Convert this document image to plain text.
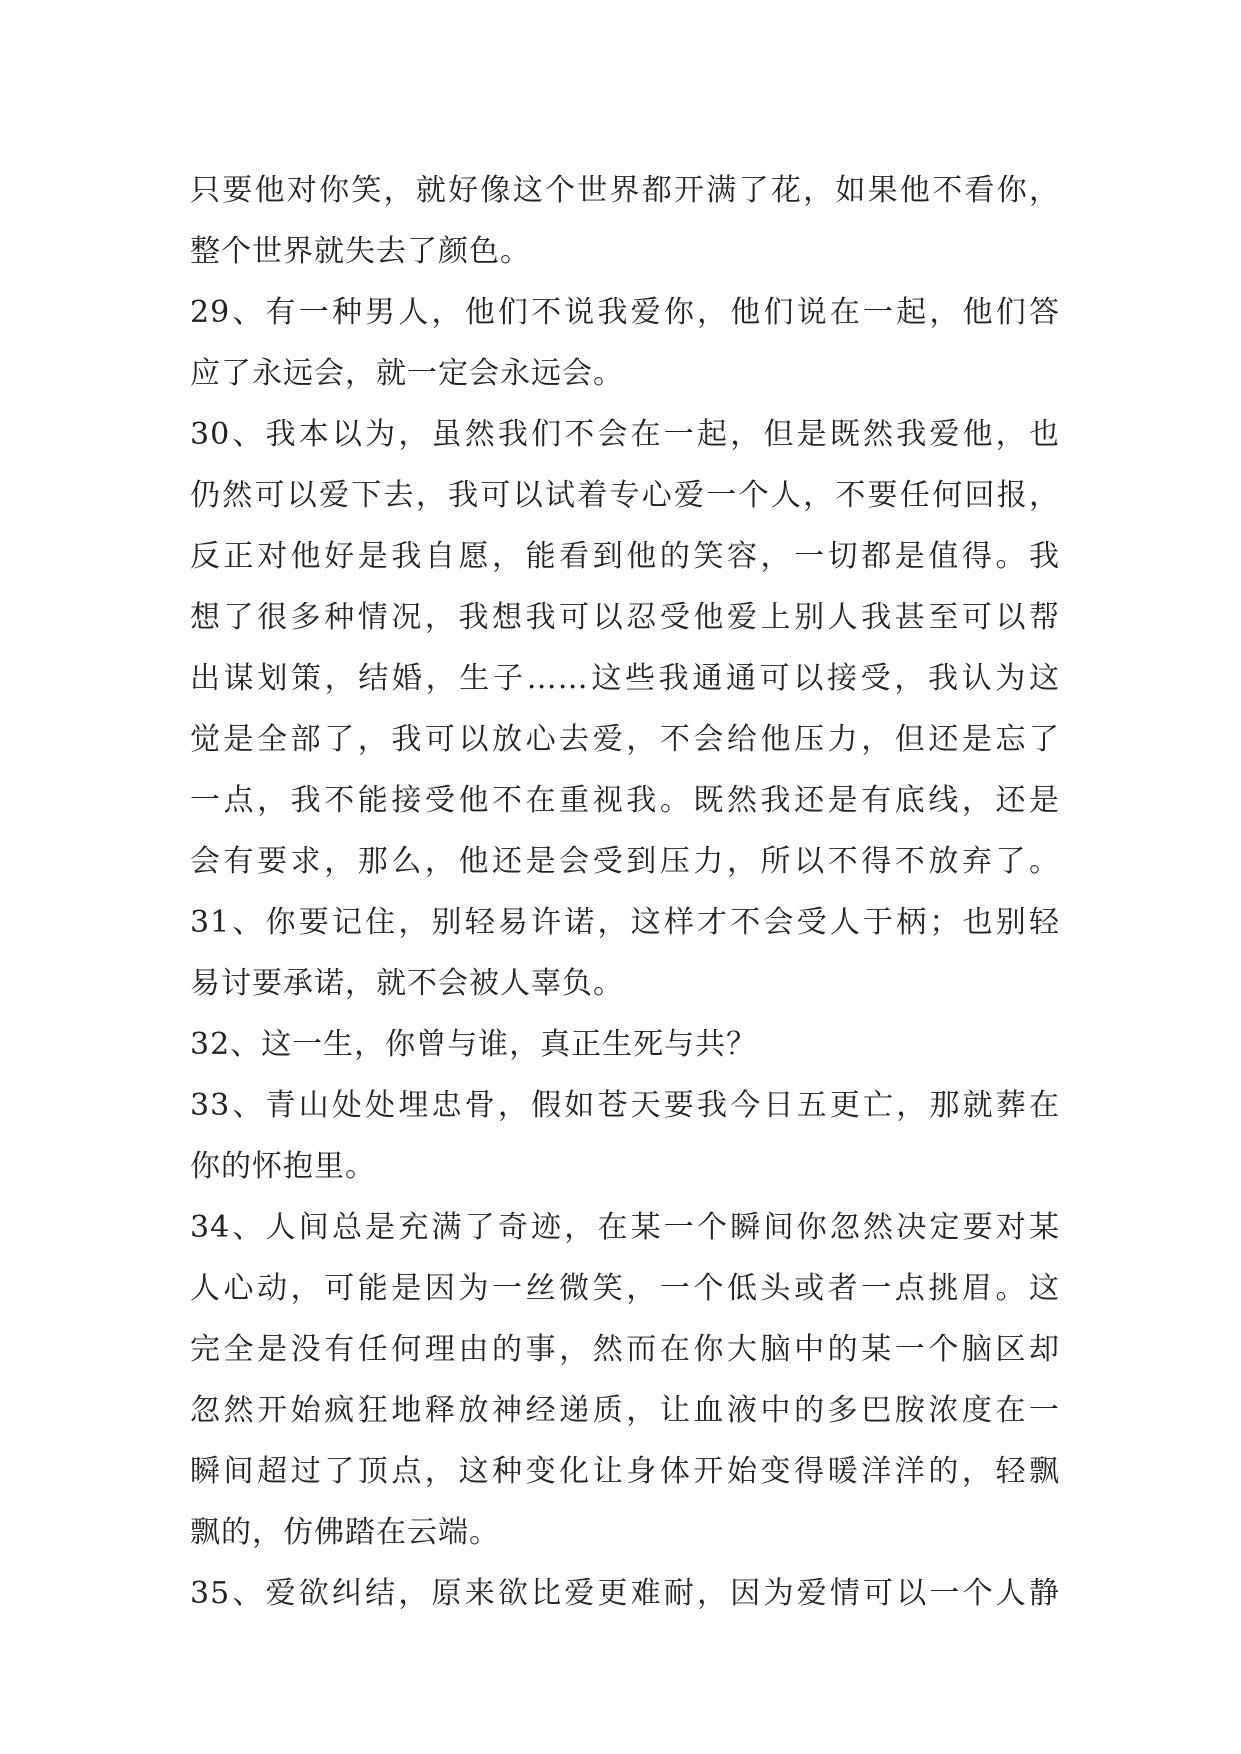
只要他对你笑，就好像这个世界都开满了花，如果他不看你，
整个世界就失去了颜色。
29、有一种男人，他们不说我爱你，他们说在一起，他们答
应了永远会，就一定会永远会。
30、我本以为，虽然我们不会在一起，但是既然我爱他，也
仍然可以爱下去，我可以试着专心爱一个人，不要任何回报，
反正对他好是我自愿，能看到他的笑容，一切都是值得。我
想了很多种情况，我想我可以忍受他爱上别人我甚至可以帮
出谋划策，结婚，生子……这些我通通可以接受，我认为这
觉是全部了，我可以放心去爱，不会给他压力，但还是忘了
一点，我不能接受他不在重视我。既然我还是有底线，还是
会有要求，那么，他还是会受到压力，所以不得不放弃了。
31、你要记住，别轻易许诺，这样才不会受人于柄；也别轻
易讨要承诺，就不会被人辜负。
32、这一生，你曾与谁，真正生死与共？
33、青山处处埋忠骨，假如苍天要我今日五更亡，那就葬在
你的怀抱里。
34、人间总是充满了奇迹，在某一个瞬间你忽然决定要对某
人心动，可能是因为一丝微笑，一个低头或者一点挑眉。这
完全是没有任何理由的事，然而在你大脑中的某一个脑区却
忽然开始疯狂地释放神经递质，让血液中的多巴胺浓度在一
瞬间超过了顶点，这种变化让身体开始变得暖洋洋的，轻飘
飘的，仿佛踏在云端。
35、爱欲纠结，原来欲比爱更难耐，因为爱情可以一个人静
